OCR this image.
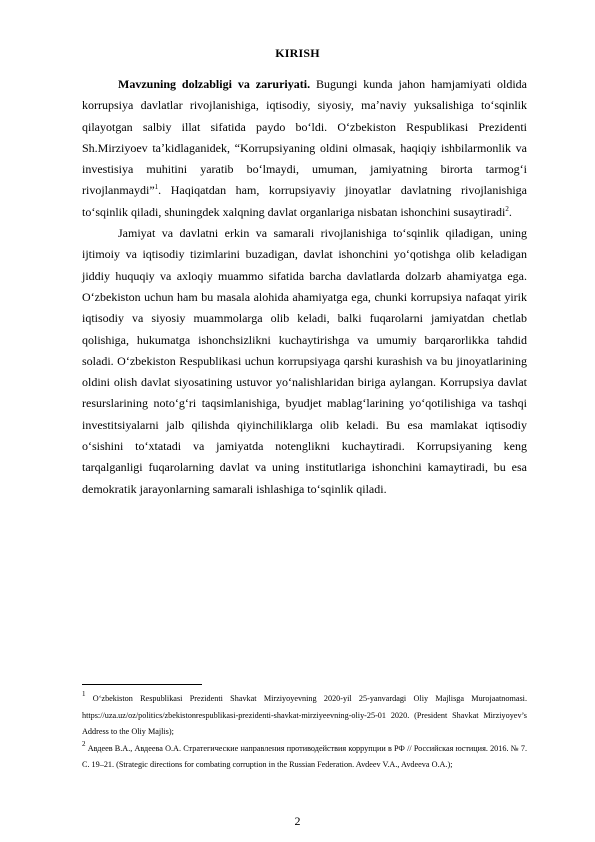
KIRISH

Mavzuning dolzabligi va zaruriyati. Bugungi kunda jahon hamjamiyati oldida korrupsiya davlatlar rivojlanishiga, iqtisodiy, siyosiy, maʼnaviy yuksalishiga toʻsqinlik qilayotgan salbiy illat sifatida paydo boʻldi. Oʻzbekiston Respublikasi Prezidenti Sh.Mirziyoev taʼkidlaganidek, “Korrupsiyaning oldini olmasak, haqiqiy ishbilarmonlik va investisiya muhitini yaratib boʻlmaydi, umuman, jamiyatning birorta tarmogʻi rivojlanmaydi”$^1$. Haqiqatdan ham, korrupsiyaviy jinoyatlar davlatning rivojlanishiga toʻsqinlik qiladi, shuningdek xalqning davlat organlariga nisbatan ishonchini susaytiradi$^2$.

Jamiyat va davlatni erkin va samarali rivojlanishiga toʻsqinlik qiladigan, uning ijtimoiy va iqtisodiy tizimlarini buzadigan, davlat ishonchini yoʻqotishga olib keladigan jiddiy huquqiy va axloqiy muammo sifatida barcha davlatlarda dolzarb ahamiyatga ega. Oʻzbekiston uchun ham bu masala alohida ahamiyatga ega, chunki korrupsiya nafaqat yirik iqtisodiy va siyosiy muammolarga olib keladi, balki fuqarolarni jamiyatdan chetlab qolishiga, hukumatga ishonchsizlikni kuchaytirishga va umumiy barqarorlikka tahdid soladi. Oʻzbekiston Respublikasi uchun korrupsiyaga qarshi kurashish va bu jinoyatlarining oldini olish davlat siyosatining ustuvor yoʻnalishlaridan biriga aylangan. Korrupsiya davlat resurslarining notoʻgʻri taqsimlanishiga, byudjet mablagʻlarining yoʻqotilishiga va tashqi investitsiyalarni jalb qilishda qiyinchiliklarga olib keladi. Bu esa mamlakat iqtisodiy oʻsishini toʻxtatadi va jamiyatda notenglikni kuchaytiradi. Korrupsiyaning keng tarqalganligi fuqarolarning davlat va uning institutlariga ishonchini kamaytiradi, bu esa demokratik jarayonlarning samarali ishlashiga toʻsqinlik qiladi.

$^1$ Oʻzbekiston Respublikasi Prezidenti Shavkat Mirziyoyevning 2020-yil 25-yanvardagi Oliy Majlisga Murojaatnomasi. https://uza.uz/oz/politics/zbekistonrespublikasi-prezidenti-shavkat-mirziyeevning-oliy-25-01 2020. (President Shavkat Mirziyoyev’s Address to the Oliy Majlis);

$^2$ Авдеев В.А., Авдеева О.А. Стратегические направления противодействия коррупции в РФ // Российская юстиция. 2016. № 7. С. 19–21. (Strategic directions for combating corruption in the Russian Federation. Avdeev V.A., Avdeeva O.A.);

2
